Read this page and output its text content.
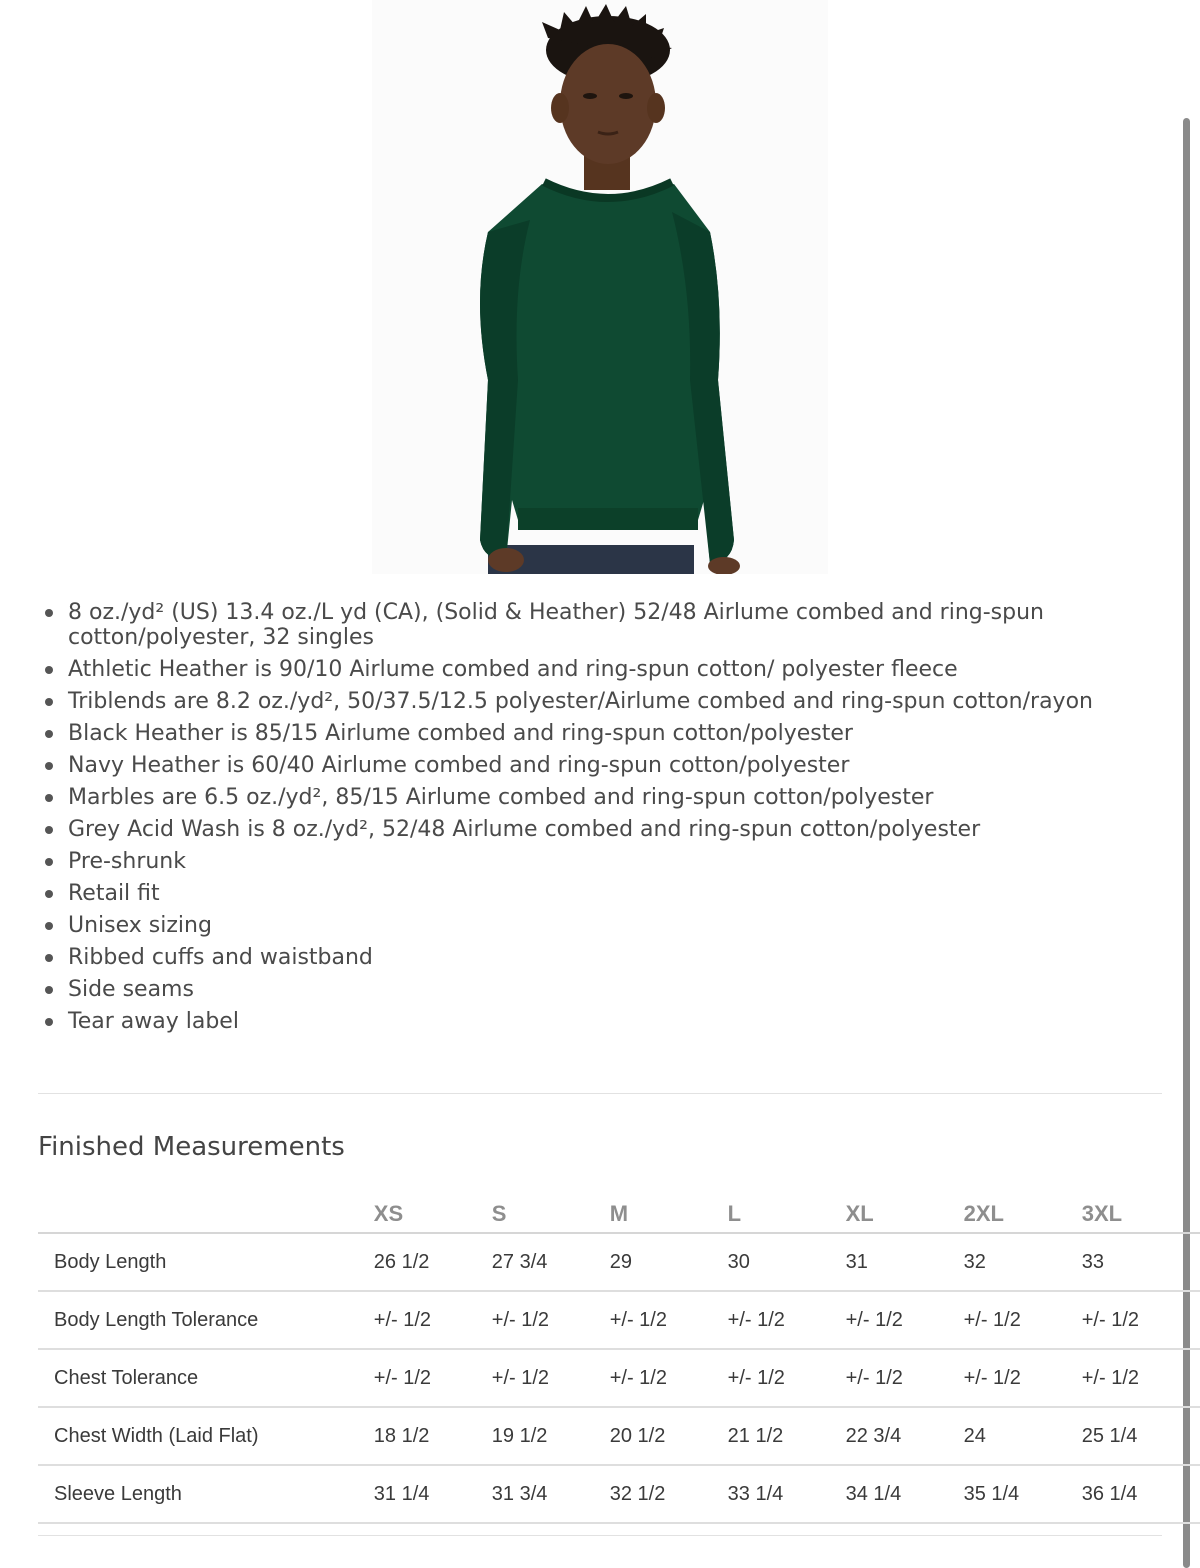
8 oz./yd² (US) 13.4 oz./L yd (CA), (Solid & Heather) 52/48 Airlume combed and ring-spun cotton/polyester, 32 singles
Athletic Heather is 90/10 Airlume combed and ring-spun cotton/ polyester fleece
Triblends are 8.2 oz./yd², 50/37.5/12.5 polyester/Airlume combed and ring-spun cotton/rayon
Black Heather is 85/15 Airlume combed and ring-spun cotton/polyester
Navy Heather is 60/40 Airlume combed and ring-spun cotton/polyester
Marbles are 6.5 oz./yd², 85/15 Airlume combed and ring-spun cotton/polyester
Grey Acid Wash is 8 oz./yd², 52/48 Airlume combed and ring-spun cotton/polyester
Pre-shrunk
Retail fit
Unisex sizing
Ribbed cuffs and waistband
Side seams
Tear away label
Finished Measurements
	XS	S	M	L	XL	2XL	3XL
Body Length	26 1/2	27 3/4	29	30	31	32	33
Body Length Tolerance	+/- 1/2	+/- 1/2	+/- 1/2	+/- 1/2	+/- 1/2	+/- 1/2	+/- 1/2
Chest Tolerance	+/- 1/2	+/- 1/2	+/- 1/2	+/- 1/2	+/- 1/2	+/- 1/2	+/- 1/2
Chest Width (Laid Flat)	18 1/2	19 1/2	20 1/2	21 1/2	22 3/4	24	25 1/4
Sleeve Length	31 1/4	31 3/4	32 1/2	33 1/4	34 1/4	35 1/4	36 1/4
